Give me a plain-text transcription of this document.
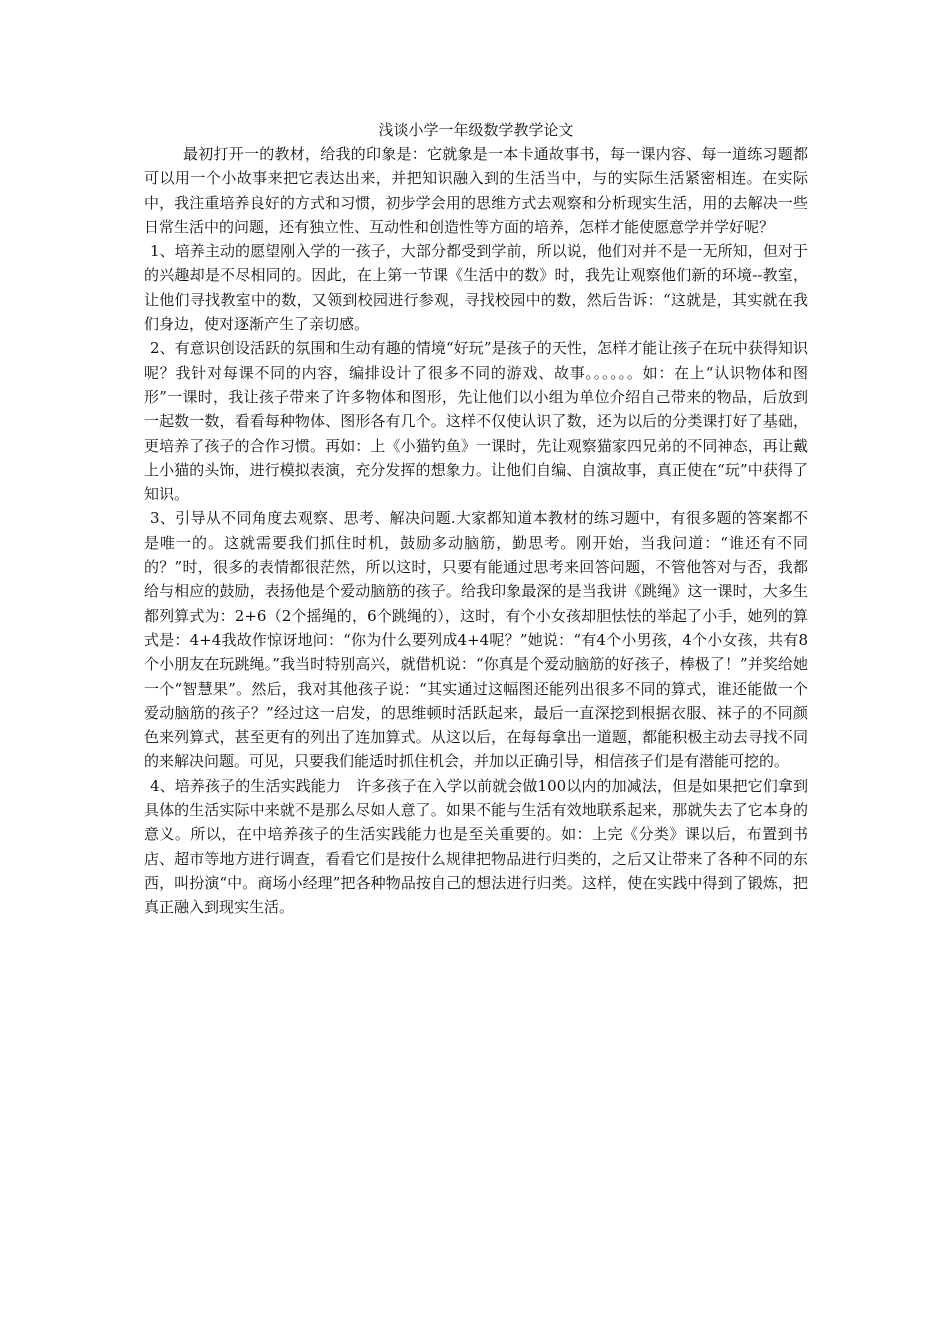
浅谈小学一年级数学教学论文

最初打开一的教材，给我的印象是：它就象是一本卡通故事书，每一课内容、每一道练习题都可以用一个小故事来把它表达出来，并把知识融入到的生活当中，与的实际生活紧密相连。在实际中，我注重培养良好的方式和习惯，初步学会用的思维方式去观察和分析现实生活，用的去解决一些日常生活中的问题，还有独立性、互动性和创造性等方面的培养，怎样才能使愿意学并学好呢？

1、培养主动的愿望刚入学的一孩子，大部分都受到学前，所以说，他们对并不是一无所知，但对于的兴趣却是不尽相同的。因此，在上第一节课《生活中的数》时，我先让观察他们新的环境--教室，让他们寻找教室中的数，又领到校园进行参观，寻找校园中的数，然后告诉：“这就是，其实就在我们身边，使对逐渐产生了亲切感。

2、有意识创设活跃的氛围和生动有趣的情境“好玩”是孩子的天性，怎样才能让孩子在玩中获得知识呢？我针对每课不同的内容，编排设计了很多不同的游戏、故事。。。。。。如：在上“认识物体和图形”一课时，我让孩子带来了许多物体和图形，先让他们以小组为单位介绍自己带来的物品，后放到一起数一数，看看每种物体、图形各有几个。这样不仅使认识了数，还为以后的分类课打好了基础，更培养了孩子的合作习惯。再如：上《小猫钓鱼》一课时，先让观察猫家四兄弟的不同神态，再让戴上小猫的头饰，进行模拟表演，充分发挥的想象力。让他们自编、自演故事，真正使在“玩”中获得了知识。

3、引导从不同角度去观察、思考、解决问题.大家都知道本教材的练习题中，有很多题的答案都不是唯一的。这就需要我们抓住时机，鼓励多动脑筋，勤思考。刚开始，当我问道：“谁还有不同的？”时，很多的表情都很茫然，所以这时，只要有能通过思考来回答问题，不管他答对与否，我都给与相应的鼓励，表扬他是个爱动脑筋的孩子。给我印象最深的是当我讲《跳绳》这一课时，大多生都列算式为：2+6（2个摇绳的，6个跳绳的），这时，有个小女孩却胆怯怯的举起了小手，她列的算式是：4+4我故作惊讶地问：“你为什么要列成4+4呢？”她说：“有4个小男孩，4个小女孩，共有8个小朋友在玩跳绳。”我当时特别高兴，就借机说：“你真是个爱动脑筋的好孩子，棒极了！”并奖给她一个“智慧果”。然后，我对其他孩子说：“其实通过这幅图还能列出很多不同的算式，谁还能做一个爱动脑筋的孩子？”经过这一启发，的思维顿时活跃起来，最后一直深挖到根据衣服、袜子的不同颜色来列算式，甚至更有的列出了连加算式。从这以后，在每每拿出一道题，都能积极主动去寻找不同的来解决问题。可见，只要我们能适时抓住机会，并加以正确引导，相信孩子们是有潜能可挖的。

4、培养孩子的生活实践能力　许多孩子在入学以前就会做100以内的加减法，但是如果把它们拿到具体的生活实际中来就不是那么尽如人意了。如果不能与生活有效地联系起来，那就失去了它本身的意义。所以，在中培养孩子的生活实践能力也是至关重要的。如：上完《分类》课以后，布置到书店、超市等地方进行调查，看看它们是按什么规律把物品进行归类的，之后又让带来了各种不同的东西，叫扮演“中。商场小经理”把各种物品按自己的想法进行归类。这样，使在实践中得到了锻炼，把真正融入到现实生活。
